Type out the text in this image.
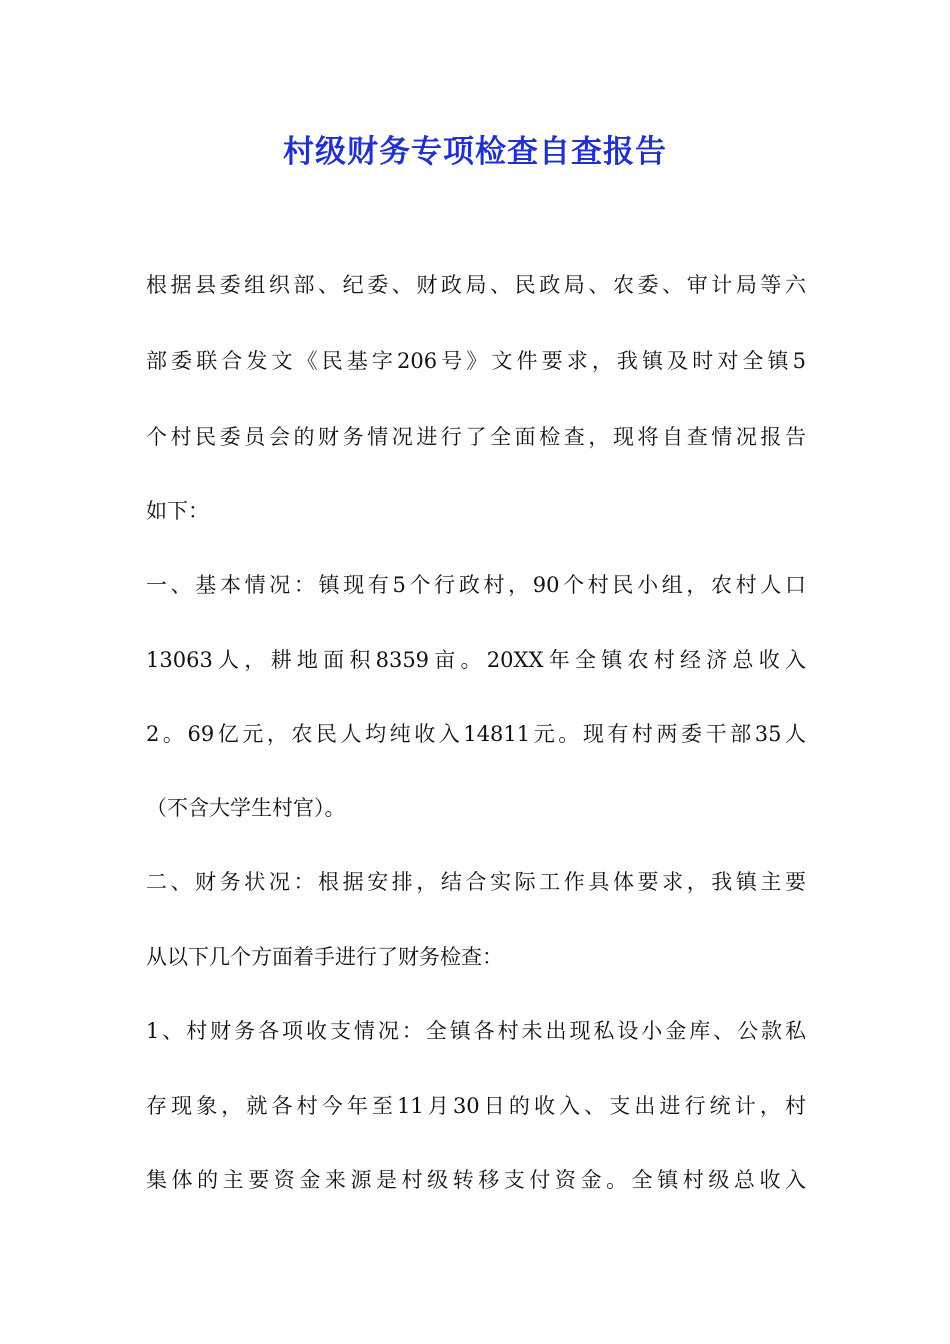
村级财务专项检查自查报告
根据县委组织部、纪委、财政局、民政局、农委、审计局等六
部委联合发文《民基字206号》文件要求，我镇及时对全镇5
个村民委员会的财务情况进行了全面检查，现将自查情况报告
如下：
一、基本情况：镇现有5个行政村，90个村民小组，农村人口
13063人，耕地面积8359亩。20XX年全镇农村经济总收入
2。69亿元，农民人均纯收入14811元。现有村两委干部35人
（不含大学生村官）。
二、财务状况：根据安排，结合实际工作具体要求，我镇主要
从以下几个方面着手进行了财务检查：
1、村财务各项收支情况：全镇各村未出现私设小金库、公款私
存现象，就各村今年至11月30日的收入、支出进行统计，村
集体的主要资金来源是村级转移支付资金。全镇村级总收入
